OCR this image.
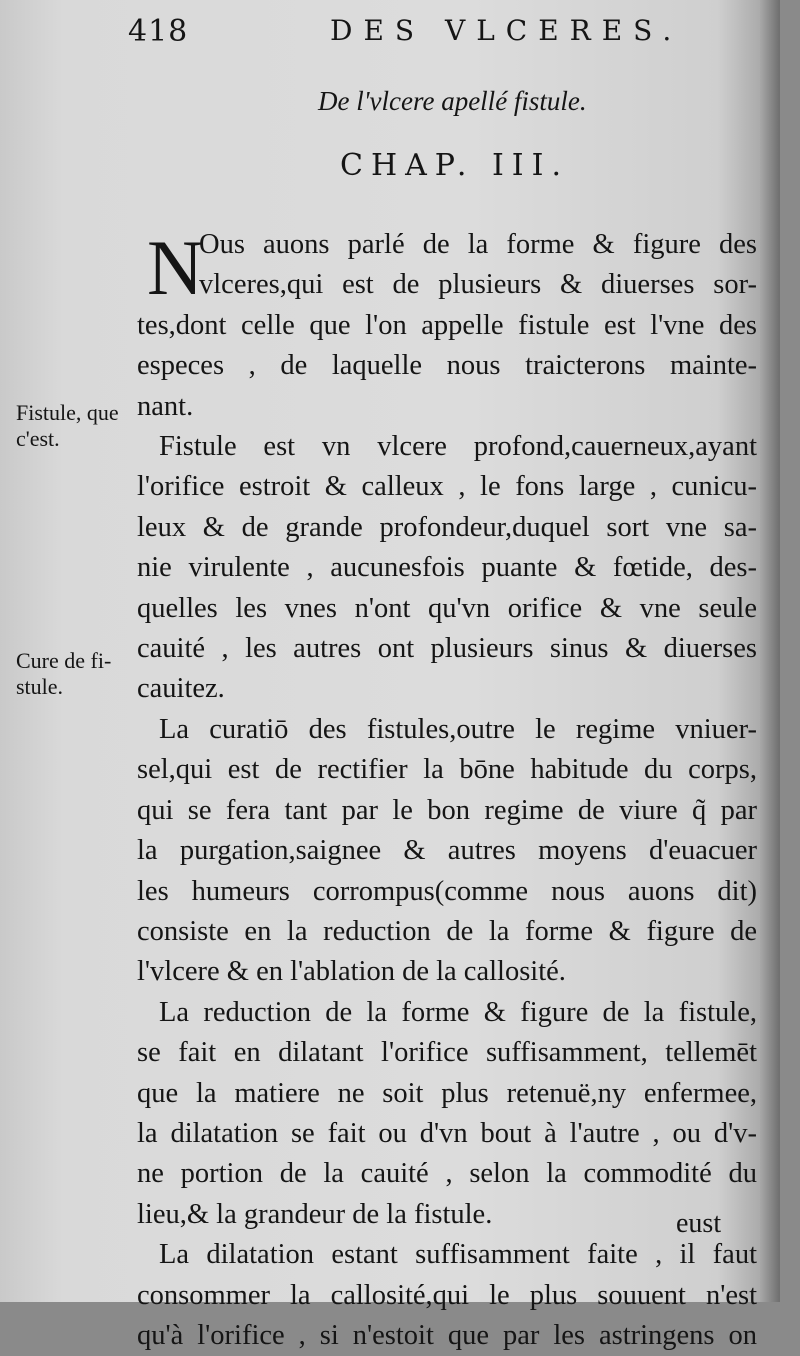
418	DES VLCERES.
De l'vlcere apellé fistule.
CHAP. III.
Fistule, que c'est.
Cure de fi-stule.
N
Ous auons parlé de la forme & figure des
vlceres,qui est de plusieurs & diuerses sor-
tes,dont celle que l'on appelle fistule est l'vne des
especes , de laquelle nous traicterons mainte-
nant.
Fistule est vn vlcere profond,cauerneux,ayant
l'orifice estroit & calleux , le fons large , cunicu-
leux & de grande profondeur,duquel sort vne sa-
nie virulente , aucunesfois puante & fœtide, des-
quelles les vnes n'ont qu'vn orifice & vne seule
cauité , les autres ont plusieurs sinus & diuerses
cauitez.
La curatiō des fistules,outre le regime vniuer-
sel,qui est de rectifier la bōne habitude du corps,
qui se fera tant par le bon regime de viure q̃ par
la purgation,saignee & autres moyens d'euacuer
les humeurs corrompus(comme nous auons dit)
consiste en la reduction de la forme & figure de
l'vlcere & en l'ablation de la callosité.
La reduction de la forme & figure de la fistule,
se fait en dilatant l'orifice suffisamment, tellemēt
que la matiere ne soit plus retenuë,ny enfermee,
la dilatation se fait ou d'vn bout à l'autre , ou d'v-
ne portion de la cauité , selon la commodité du
lieu,& la grandeur de la fistule.
La dilatation estant suffisamment faite , il faut
consommer la callosité,qui le plus souuent n'est
qu'à l'orifice , si n'estoit que par les astringens on
eust
